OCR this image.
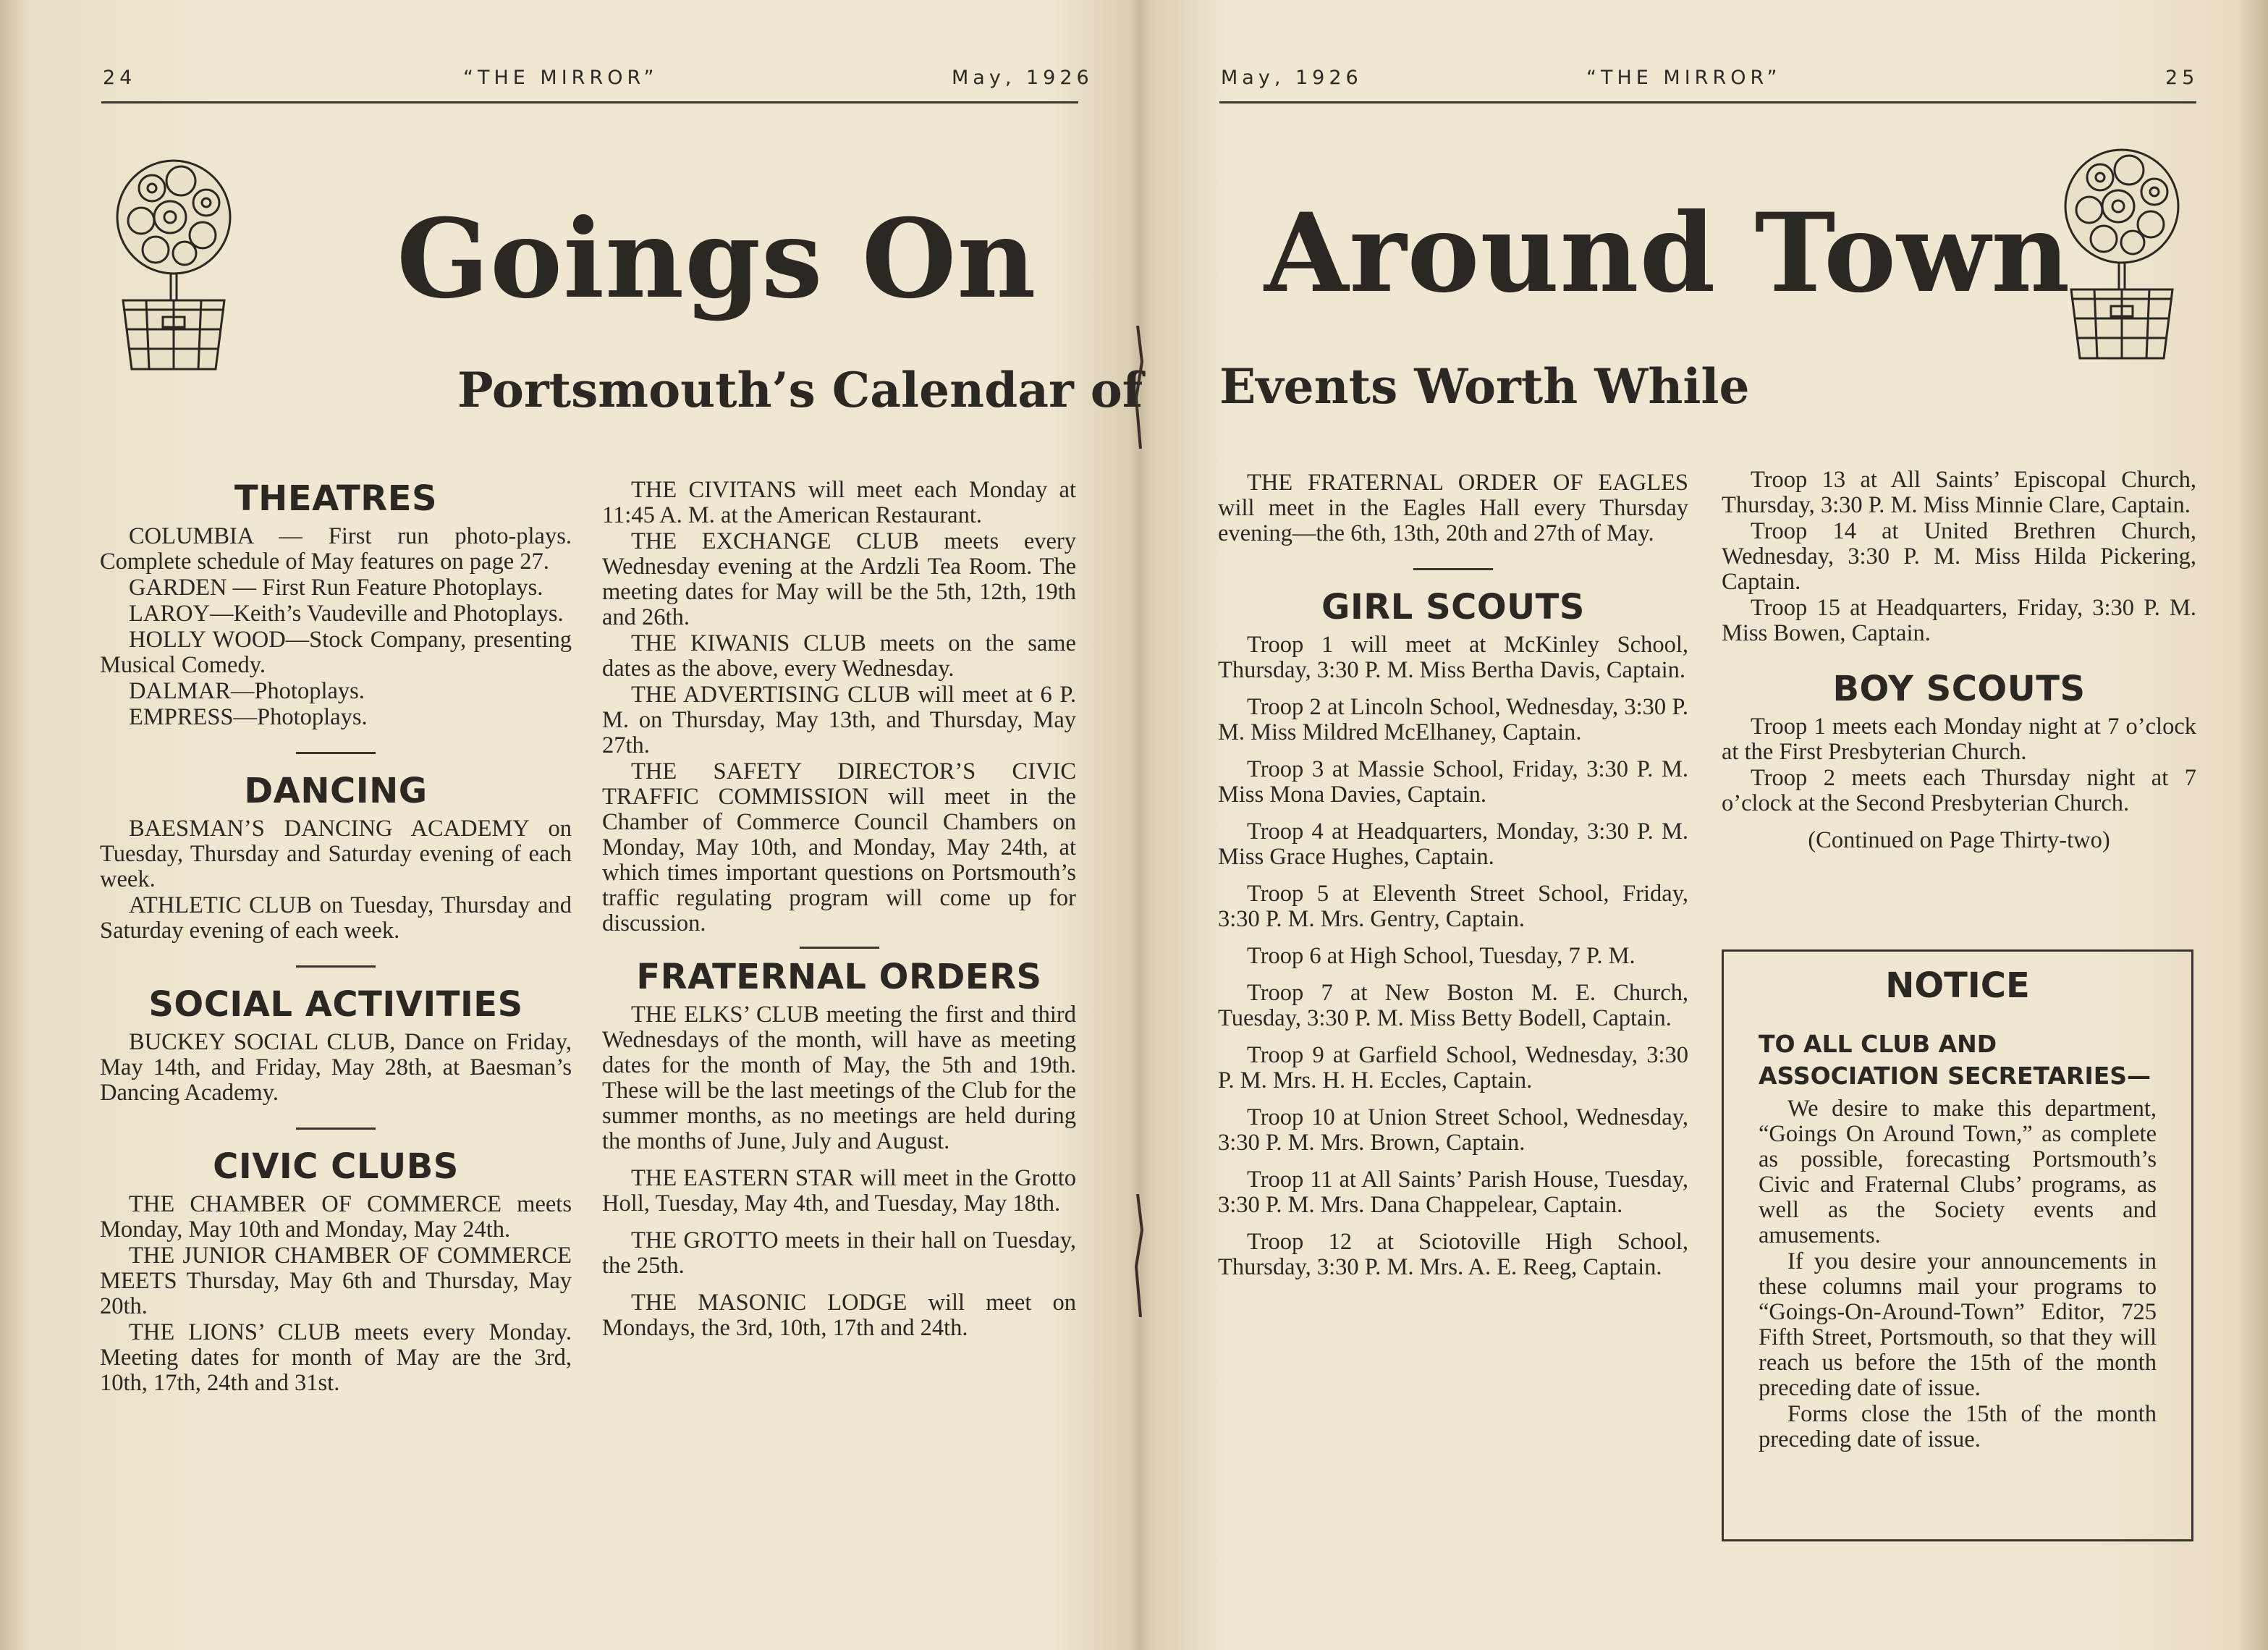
24	“THE MIRROR”	May, 1926
Goings On
Portsmouth’s Calendar of
THEATRES

COLUMBIA — First run photo-plays. Complete schedule of May features on page 27.

GARDEN — First Run Feature Photoplays.

LAROY—Keith’s Vaudeville and Photoplays.

HOLLY WOOD—Stock Company, presenting Musical Comedy.

DALMAR—Photoplays.

EMPRESS—Photoplays.

DANCING

BAESMAN’S DANCING ACADEMY on Tuesday, Thursday and Saturday evening of each week.

ATHLETIC CLUB on Tuesday, Thursday and Saturday evening of each week.

SOCIAL ACTIVITIES

BUCKEY SOCIAL CLUB, Dance on Friday, May 14th, and Friday, May 28th, at Baesman’s Dancing Academy.

CIVIC CLUBS

THE CHAMBER OF COMMERCE meets Monday, May 10th and Monday, May 24th.

THE JUNIOR CHAMBER OF COMMERCE MEETS Thursday, May 6th and Thursday, May 20th.

THE LIONS’ CLUB meets every Monday. Meeting dates for month of May are the 3rd, 10th, 17th, 24th and 31st.

THE CIVITANS will meet each Monday at 11:45 A. M. at the American Restaurant.

THE EXCHANGE CLUB meets every Wednesday evening at the Ardzli Tea Room. The meeting dates for May will be the 5th, 12th, 19th and 26th.

THE KIWANIS CLUB meets on the same dates as the above, every Wednesday.

THE ADVERTISING CLUB will meet at 6 P. M. on Thursday, May 13th, and Thursday, May 27th.

THE SAFETY DIRECTOR’S CIVIC TRAFFIC COMMISSION will meet in the Chamber of Commerce Council Chambers on Monday, May 10th, and Monday, May 24th, at which times important questions on Portsmouth’s traffic regulating program will come up for discussion.

FRATERNAL ORDERS

THE ELKS’ CLUB meeting the first and third Wednesdays of the month, will have as meeting dates for the month of May, the 5th and 19th. These will be the last meetings of the Club for the summer months, as no meetings are held during the months of June, July and August.

THE EASTERN STAR will meet in the Grotto Holl, Tuesday, May 4th, and Tuesday, May 18th.

THE GROTTO meets in their hall on Tuesday, the 25th.

THE MASONIC LODGE will meet on Mondays, the 3rd, 10th, 17th and 24th.

May, 1926	“THE MIRROR”	25
Around Town
Events Worth While

THE FRATERNAL ORDER OF EAGLES will meet in the Eagles Hall every Thursday evening—the 6th, 13th, 20th and 27th of May.

GIRL SCOUTS

Troop 1 will meet at McKinley School, Thursday, 3:30 P. M. Miss Bertha Davis, Captain.

Troop 2 at Lincoln School, Wednesday, 3:30 P. M. Miss Mildred McElhaney, Captain.

Troop 3 at Massie School, Friday, 3:30 P. M. Miss Mona Davies, Captain.

Troop 4 at Headquarters, Monday, 3:30 P. M. Miss Grace Hughes, Captain.

Troop 5 at Eleventh Street School, Friday, 3:30 P. M. Mrs. Gentry, Captain.

Troop 6 at High School, Tuesday, 7 P. M.

Troop 7 at New Boston M. E. Church, Tuesday, 3:30 P. M. Miss Betty Bodell, Captain.

Troop 9 at Garfield School, Wednesday, 3:30 P. M. Mrs. H. H. Eccles, Captain.

Troop 10 at Union Street School, Wednesday, 3:30 P. M. Mrs. Brown, Captain.

Troop 11 at All Saints’ Parish House, Tuesday, 3:30 P. M. Mrs. Dana Chappelear, Captain.

Troop 12 at Sciotoville High School, Thursday, 3:30 P. M. Mrs. A. E. Reeg, Captain.

Troop 13 at All Saints’ Episcopal Church, Thursday, 3:30 P. M. Miss Minnie Clare, Captain.

Troop 14 at United Brethren Church, Wednesday, 3:30 P. M. Miss Hilda Pickering, Captain.

Troop 15 at Headquarters, Friday, 3:30 P. M. Miss Bowen, Captain.

BOY SCOUTS

Troop 1 meets each Monday night at 7 o’clock at the First Presbyterian Church.

Troop 2 meets each Thursday night at 7 o’clock at the Second Presbyterian Church.

(Continued on Page Thirty-two)

NOTICE

TO ALL CLUB AND ASSOCIATION SECRETARIES—

We desire to make this department, “Goings On Around Town,” as complete as possible, forecasting Portsmouth’s Civic and Fraternal Clubs’ programs, as well as the Society events and amusements.

If you desire your announcements in these columns mail your programs to “Goings-On-Around-Town” Editor, 725 Fifth Street, Portsmouth, so that they will reach us before the 15th of the month preceding date of issue.

Forms close the 15th of the month preceding date of issue.
